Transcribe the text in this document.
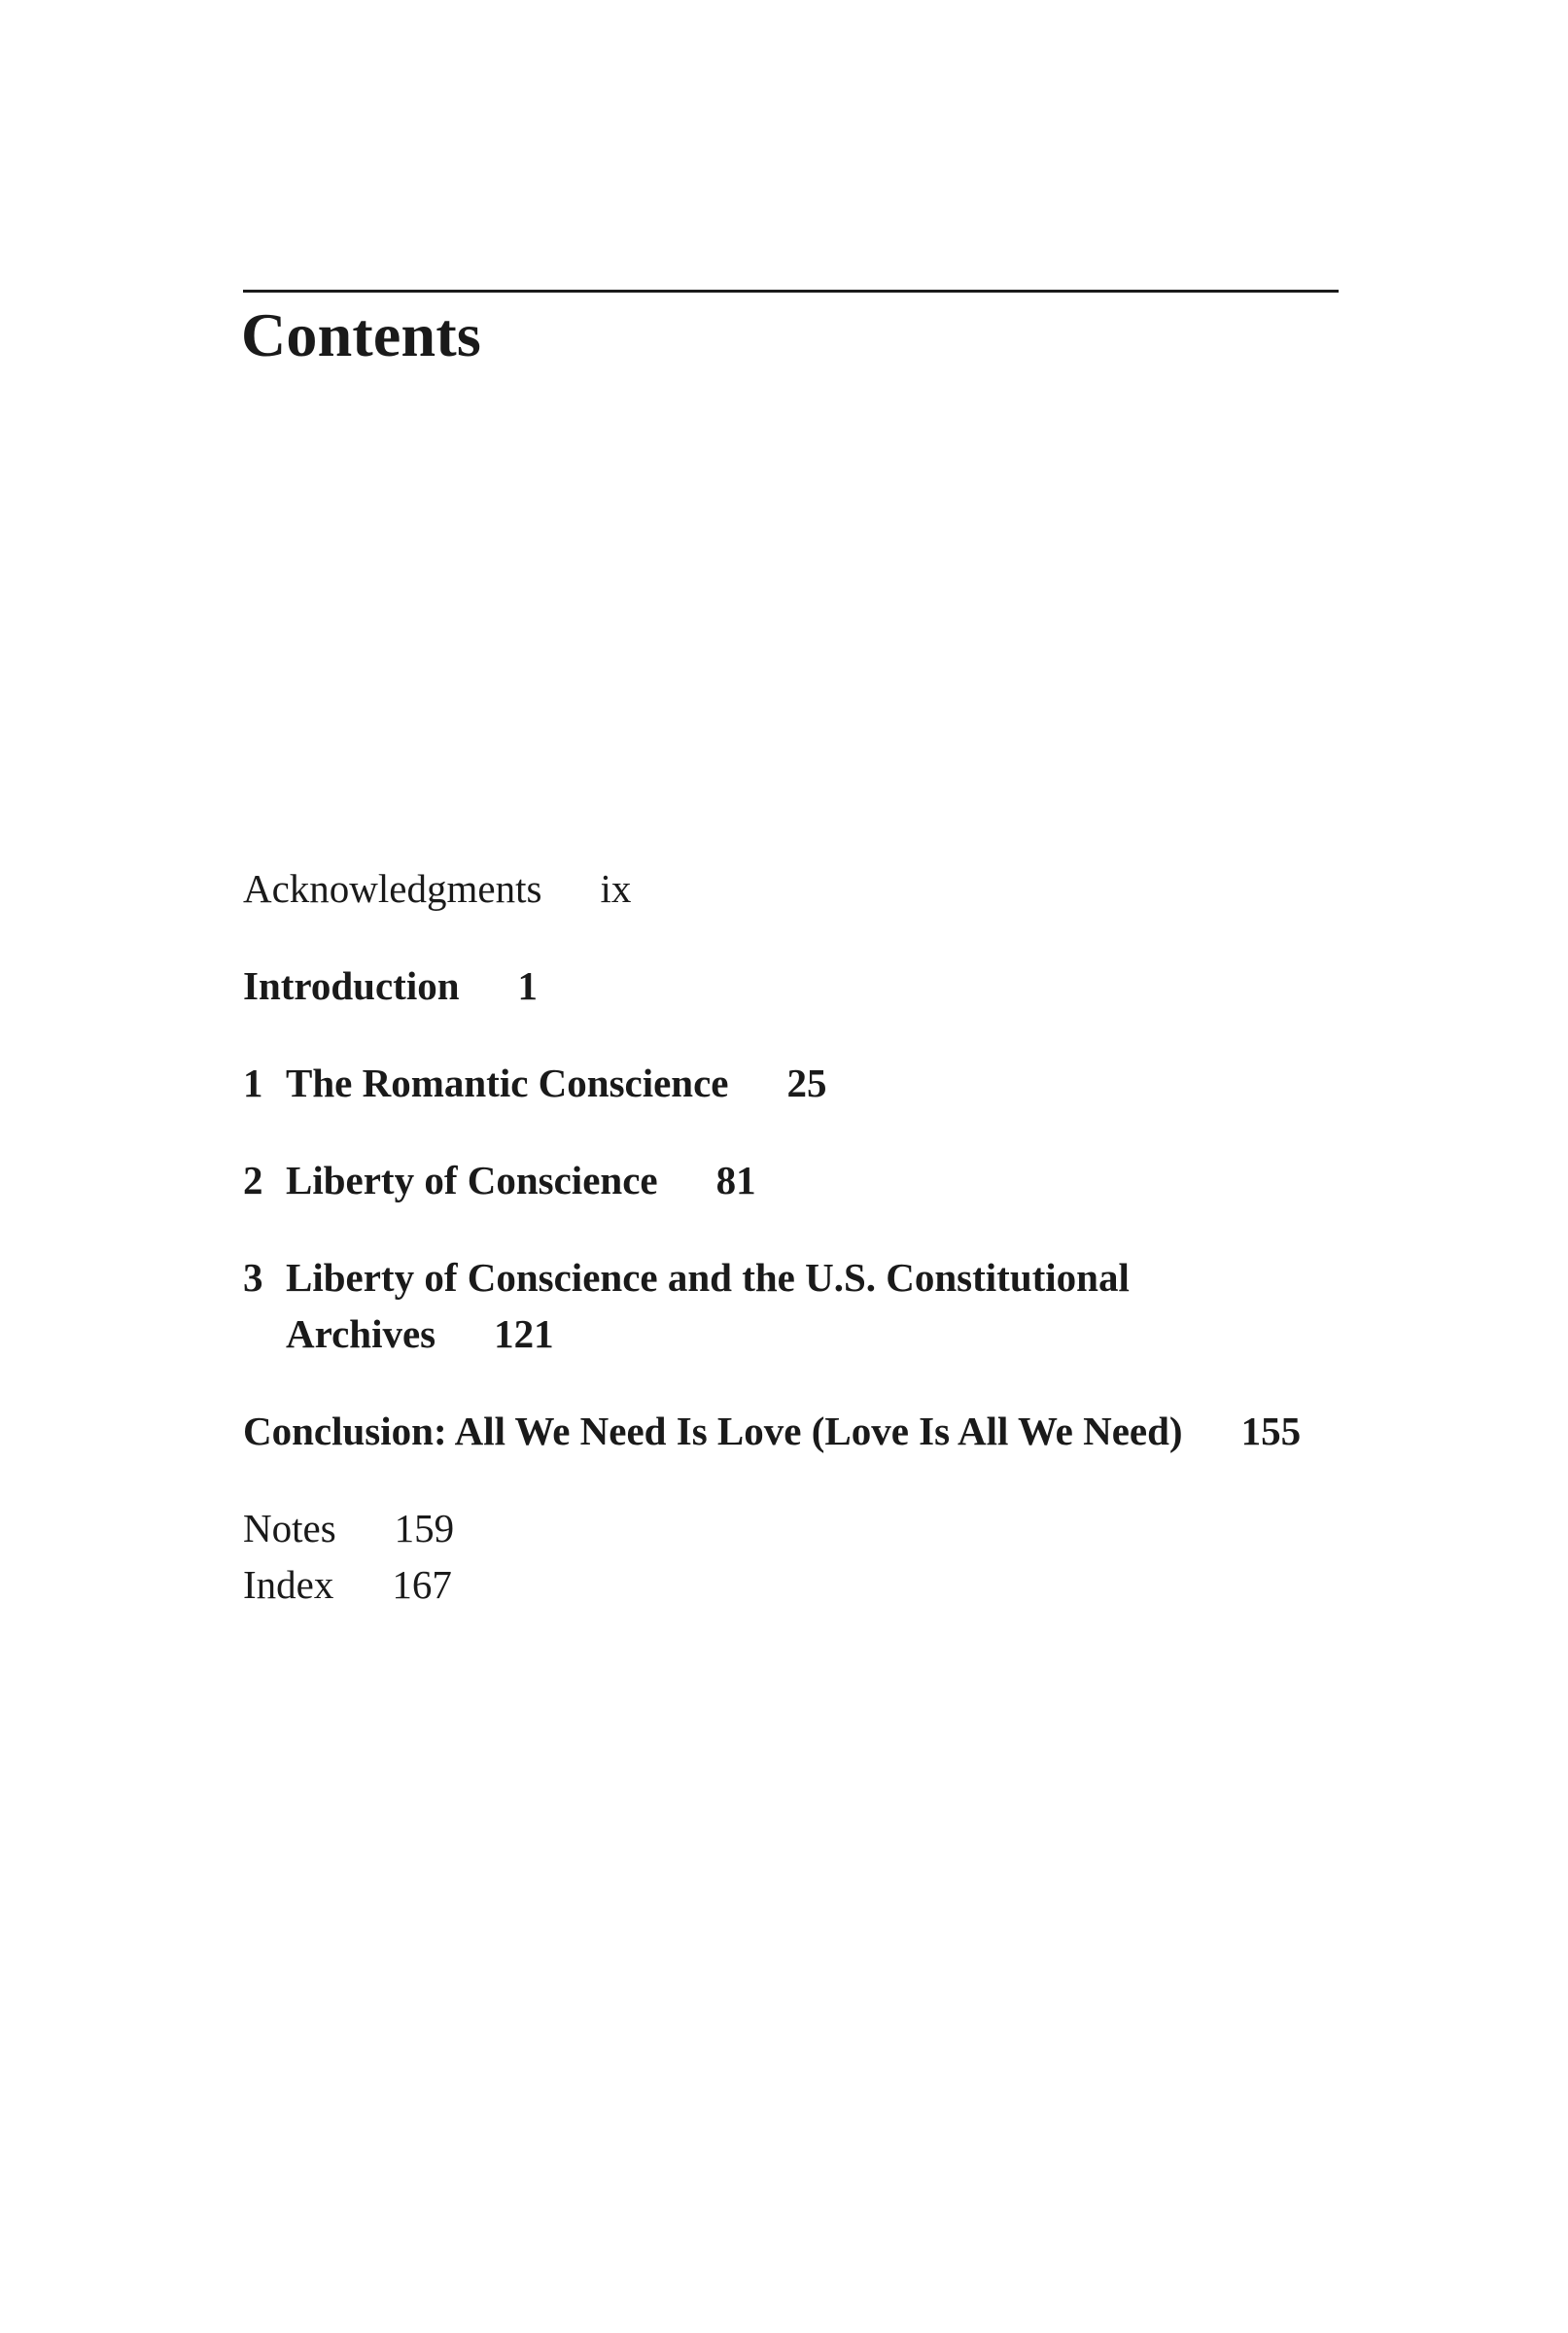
Contents
Acknowledgments ix
Introduction 1
1 The Romantic Conscience 25
2 Liberty of Conscience 81
3 Liberty of Conscience and the U.S. Constitutional
Archives 121
Conclusion: All We Need Is Love (Love Is All We Need) 155
Notes 159
Index 167
